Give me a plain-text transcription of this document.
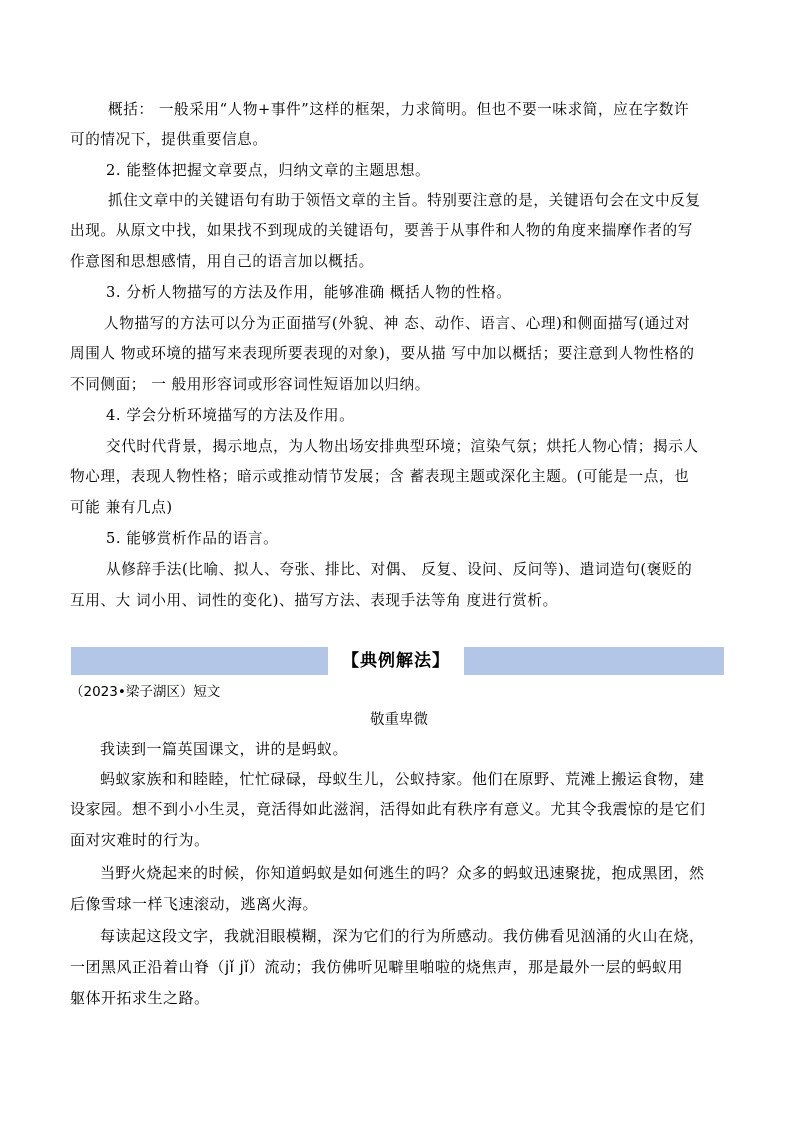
概括： 一般采用“人物+事件”这样的框架，力求简明。但也不要一味求简，应在字数许
可的情况下，提供重要信息。
2. 能整体把握文章要点，归纳文章的主题思想。
抓住文章中的关键语句有助于领悟文章的主旨。特别要注意的是，关键语句会在文中反复
出现。从原文中找，如果找不到现成的关键语句，要善于从事件和人物的角度来揣摩作者的写
作意图和思想感情，用自己的语言加以概括。
3. 分析人物描写的方法及作用，能够准确 概括人物的性格。
人物描写的方法可以分为正面描写(外貌、神 态、动作、语言、心理)和侧面描写(通过对
周围人 物或环境的描写来表现所要表现的对象)，要从描 写中加以概括；要注意到人物性格的
不同侧面； 一 般用形容词或形容词性短语加以归纳。
4. 学会分析环境描写的方法及作用。
交代时代背景，揭示地点，为人物出场安排典型环境；渲染气氛；烘托人物心情；揭示人
物心理，表现人物性格；暗示或推动情节发展；含 蓄表现主题或深化主题。(可能是一点，也
可能 兼有几点)
5. 能够赏析作品的语言。
从修辞手法(比喻、拟人、夸张、排比、对偶、 反复、设问、反问等)、遣词造句(褒贬的
互用、大 词小用、词性的变化)、描写方法、表现手法等角 度进行赏析。
【典例解法】
（2023•梁子湖区）短文
敬重卑微
我读到一篇英国课文，讲的是蚂蚁。
蚂蚁家族和和睦睦，忙忙碌碌，母蚁生儿，公蚁持家。他们在原野、荒滩上搬运食物，建
设家园。想不到小小生灵，竟活得如此滋润，活得如此有秩序有意义。尤其令我震惊的是它们
面对灾难时的行为。
当野火烧起来的时候，你知道蚂蚁是如何逃生的吗？众多的蚂蚁迅速聚拢，抱成黑团，然
后像雪球一样飞速滚动，逃离火海。
每读起这段文字，我就泪眼模糊，深为它们的行为所感动。我仿佛看见汹涌的火山在烧，
一团黑风正沿着山脊（jǐ jǐ）流动；我仿佛听见噼里啪啦的烧焦声，那是最外一层的蚂蚁用
躯体开拓求生之路。
